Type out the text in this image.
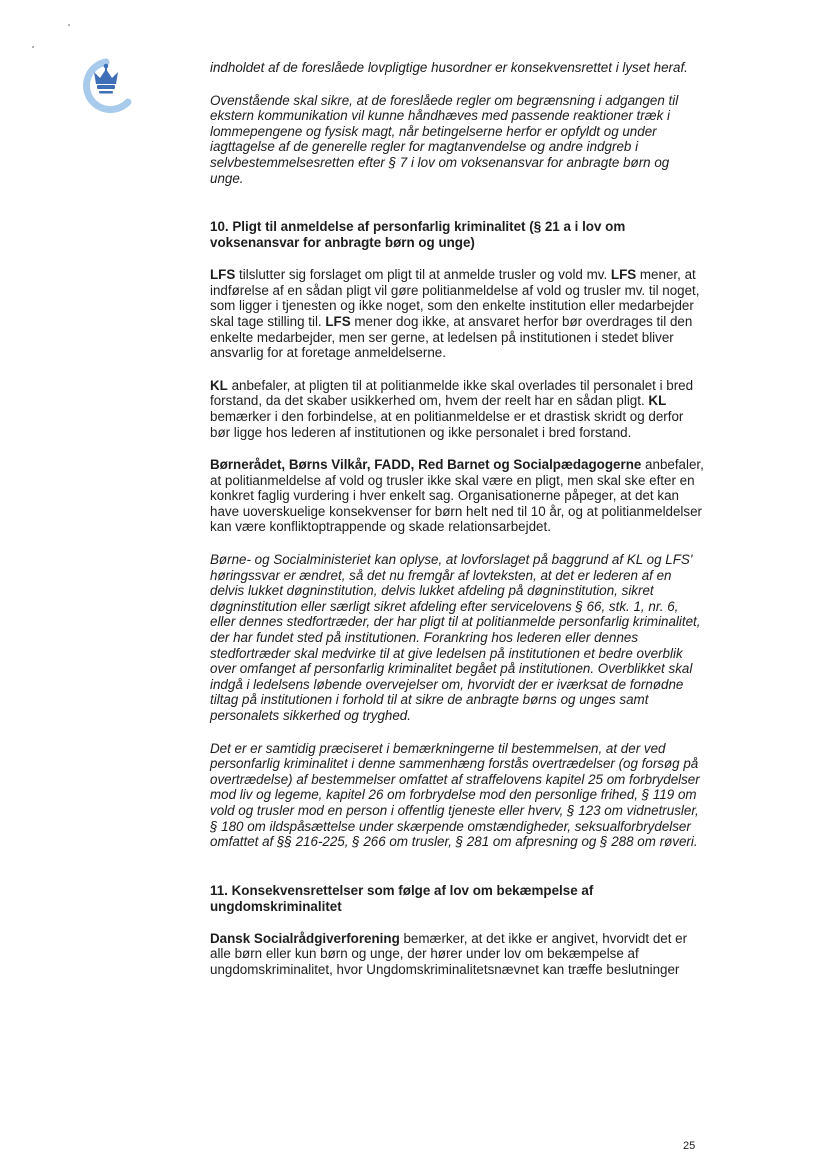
indholdet af de foreslåede lovpligtige husordner er konsekvensrettet i lyset heraf.

Ovenstående skal sikre, at de foreslåede regler om begrænsning i adgangen til ekstern kommunikation vil kunne håndhæves med passende reaktioner træk i lommepengene og fysisk magt, når betingelserne herfor er opfyldt og under iagttagelse af de generelle regler for magtanvendelse og andre indgreb i selvbestemmelsesretten efter § 7 i lov om voksenansvar for anbragte børn og unge.

10. Pligt til anmeldelse af personfarlig kriminalitet (§ 21 a i lov om voksenansvar for anbragte børn og unge)

LFS tilslutter sig forslaget om pligt til at anmelde trusler og vold mv. LFS mener, at indførelse af en sådan pligt vil gøre politianmeldelse af vold og trusler mv. til noget, som ligger i tjenesten og ikke noget, som den enkelte institution eller medarbejder skal tage stilling til. LFS mener dog ikke, at ansvaret herfor bør overdrages til den enkelte medarbejder, men ser gerne, at ledelsen på institutionen i stedet bliver ansvarlig for at foretage anmeldelserne.

KL anbefaler, at pligten til at politianmelde ikke skal overlades til personalet i bred forstand, da det skaber usikkerhed om, hvem der reelt har en sådan pligt. KL bemærker i den forbindelse, at en politianmeldelse er et drastisk skridt og derfor bør ligge hos lederen af institutionen og ikke personalet i bred forstand.

Børnerådet, Børns Vilkår, FADD, Red Barnet og Socialpædagogerne anbefaler, at politianmeldelse af vold og trusler ikke skal være en pligt, men skal ske efter en konkret faglig vurdering i hver enkelt sag. Organisationerne påpeger, at det kan have uoverskuelige konsekvenser for børn helt ned til 10 år, og at politianmeldelser kan være konfliktoptrappende og skade relationsarbejdet.

Børne- og Socialministeriet kan oplyse, at lovforslaget på baggrund af KL og LFS' høringssvar er ændret, så det nu fremgår af lovteksten, at det er lederen af en delvis lukket døgninstitution, delvis lukket afdeling på døgninstitution, sikret døgninstitution eller særligt sikret afdeling efter servicelovens § 66, stk. 1, nr. 6, eller dennes stedfortræder, der har pligt til at politianmelde personfarlig kriminalitet, der har fundet sted på institutionen. Forankring hos lederen eller dennes stedfortræder skal medvirke til at give ledelsen på institutionen et bedre overblik over omfanget af personfarlig kriminalitet begået på institutionen. Overblikket skal indgå i ledelsens løbende overvejelser om, hvorvidt der er iværksat de fornødne tiltag på institutionen i forhold til at sikre de anbragte børns og unges samt personalets sikkerhed og tryghed.

Det er er samtidig præciseret i bemærkningerne til bestemmelsen, at der ved personfarlig kriminalitet i denne sammenhæng forstås overtrædelser (og forsøg på overtrædelse) af bestemmelser omfattet af straffelovens kapitel 25 om forbrydelser mod liv og legeme, kapitel 26 om forbrydelse mod den personlige frihed, § 119 om vold og trusler mod en person i offentlig tjeneste eller hverv, § 123 om vidnetrusler, § 180 om ildspåsættelse under skærpende omstændigheder, seksualforbrydelser omfattet af §§ 216-225, § 266 om trusler, § 281 om afpresning og § 288 om røveri.

11. Konsekvensrettelser som følge af lov om bekæmpelse af ungdomskriminalitet

Dansk Socialrådgiverforening bemærker, at det ikke er angivet, hvorvidt det er alle børn eller kun børn og unge, der hører under lov om bekæmpelse af ungdomskriminalitet, hvor Ungdomskriminalitetsnævnet kan træffe beslutninger

25
